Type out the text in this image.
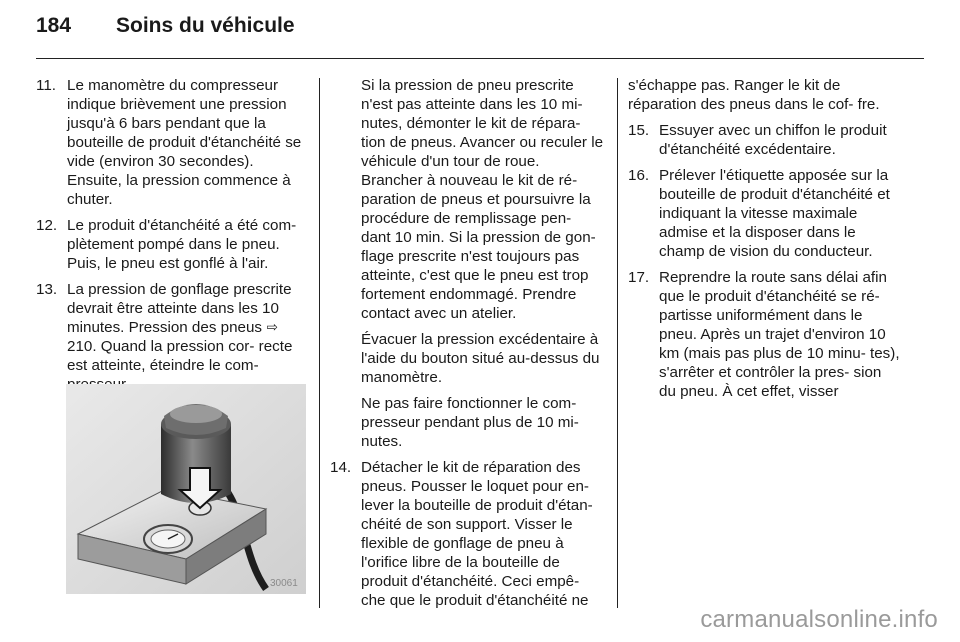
184	Soins du véhicule
11. Le manomètre du compresseur indique brièvement une pression jusqu'à 6 bars pendant que la bouteille de produit d'étanchéité se vide (environ 30 secondes). Ensuite, la pression commence à chuter.
12. Le produit d'étanchéité a été com- plètement pompé dans le pneu. Puis, le pneu est gonflé à l'air.
13. La pression de gonflage prescrite devrait être atteinte dans les 10 minutes. Pression des pneus ⇨ 210. Quand la pression cor- recte est atteinte, éteindre le com-
30061
Si la pression de pneu prescrite n'est pas atteinte dans les 10 mi- nutes, démonter le kit de répara- tion de pneus. Avancer ou reculer le véhicule d'un tour de roue. Brancher à nouveau le kit de ré- paration de pneus et poursuivre la procédure de remplissage pen- dant 10 min. Si la pression de gon- flage prescrite n'est toujours pas atteinte, c'est que le pneu est trop fortement endommagé. Prendre contact avec un atelier.
Évacuer la pression excédentaire à l'aide du bouton situé au-dessus du manomètre.
Ne pas faire fonctionner le com- presseur pendant plus de 10 mi- nutes.
14. Détacher le kit de réparation des pneus. Pousser le loquet pour en- lever la bouteille de produit d'étan- chéité de son support. Visser le flexible de gonflage de pneu à l'orifice libre de la bouteille de produit d'étanchéité. Ceci empê- che que le produit d'étanchéité ne
s'échappe pas. Ranger le kit de réparation des pneus dans le cof- fre.
15. Essuyer avec un chiffon le produit d'étanchéité excédentaire.
16. Prélever l'étiquette apposée sur la bouteille de produit d'étanchéité et indiquant la vitesse maximale admise et la disposer dans le champ de vision du conducteur.
17. Reprendre la route sans délai afin que le produit d'étanchéité se ré- partisse uniformément dans le pneu. Après un trajet d'environ 10 km (mais pas plus de 10 minu- tes), s'arrêter et contrôler la pres- sion du pneu. À cet effet, visser
carmanualsonline.info
